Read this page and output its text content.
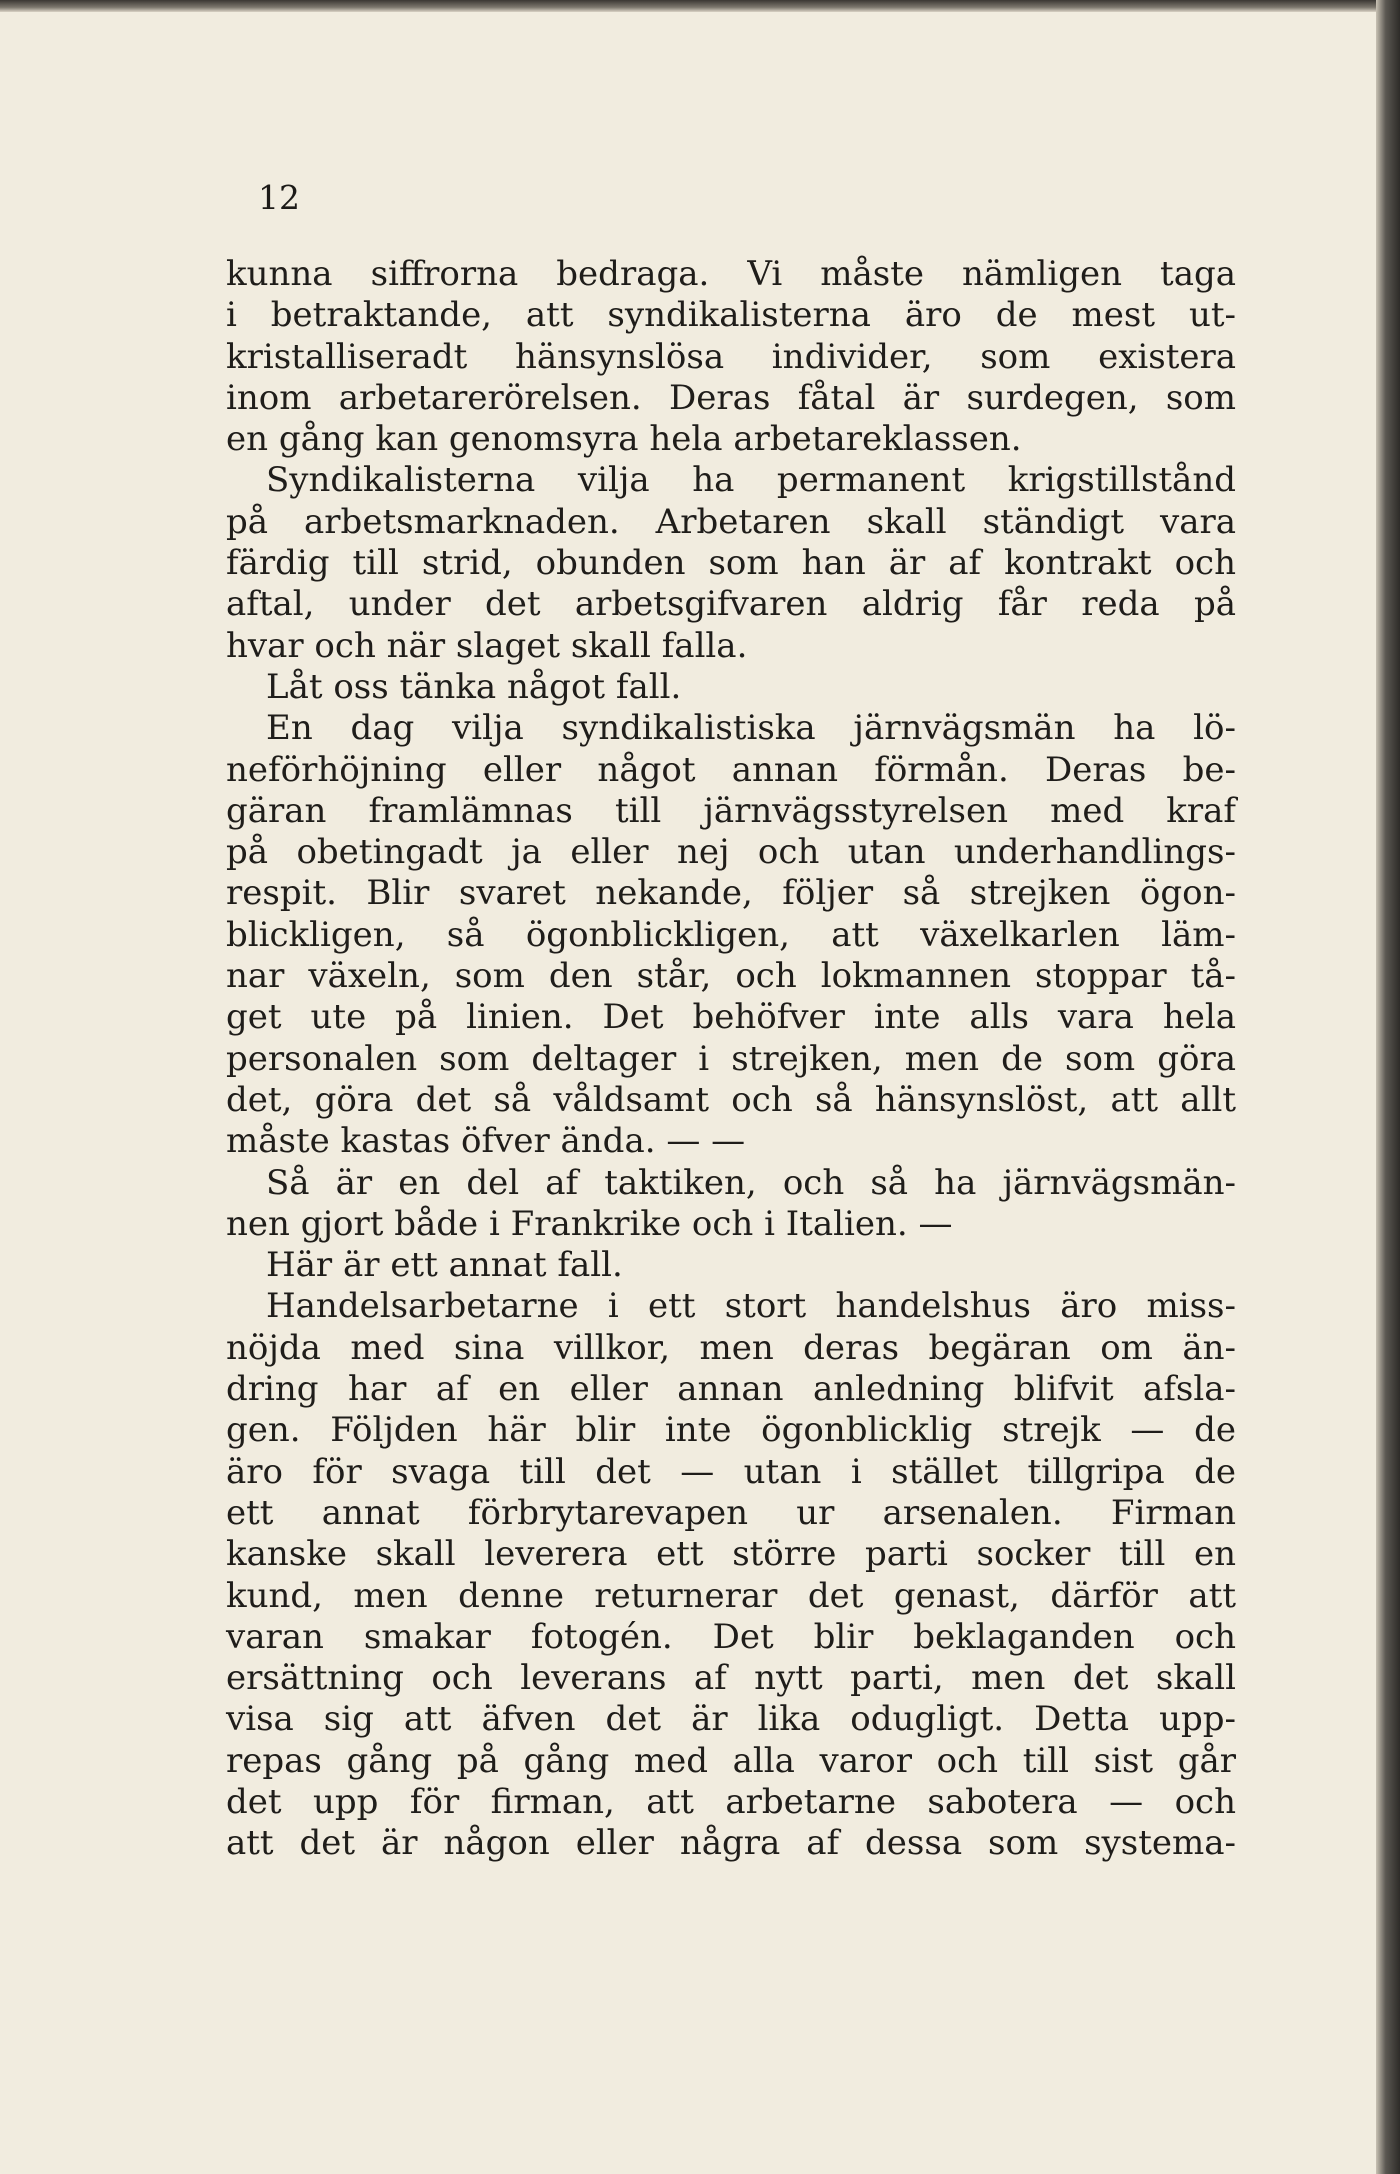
12
kunna siffrorna bedraga. Vi måste nämligen taga
i betraktande, att syndikalisterna äro de mest ut-
kristalliseradt hänsynslösa individer, som existera
inom arbetarerörelsen. Deras fåtal är surdegen, som
en gång kan genomsyra hela arbetareklassen.
Syndikalisterna vilja ha permanent krigstillstånd
på arbetsmarknaden. Arbetaren skall ständigt vara
färdig till strid, obunden som han är af kontrakt och
aftal, under det arbetsgifvaren aldrig får reda på
hvar och när slaget skall falla.
Låt oss tänka något fall.
En dag vilja syndikalistiska järnvägsmän ha lö-
neförhöjning eller något annan förmån. Deras be-
gäran framlämnas till järnvägsstyrelsen med kraf
på obetingadt ja eller nej och utan underhandlings-
respit. Blir svaret nekande, följer så strejken ögon-
blickligen, så ögonblickligen, att växelkarlen läm-
nar växeln, som den står, och lokmannen stoppar tå-
get ute på linien. Det behöfver inte alls vara hela
personalen som deltager i strejken, men de som göra
det, göra det så våldsamt och så hänsynslöst, att allt
måste kastas öfver ända. — —
Så är en del af taktiken, och så ha järnvägsmän-
nen gjort både i Frankrike och i Italien. —
Här är ett annat fall.
Handelsarbetarne i ett stort handelshus äro miss-
nöjda med sina villkor, men deras begäran om än-
dring har af en eller annan anledning blifvit afsla-
gen. Följden här blir inte ögonblicklig strejk — de
äro för svaga till det — utan i stället tillgripa de
ett annat förbrytarevapen ur arsenalen. Firman
kanske skall leverera ett större parti socker till en
kund, men denne returnerar det genast, därför att
varan smakar fotogén. Det blir beklaganden och
ersättning och leverans af nytt parti, men det skall
visa sig att äfven det är lika odugligt. Detta upp-
repas gång på gång med alla varor och till sist går
det upp för firman, att arbetarne sabotera — och
att det är någon eller några af dessa som systema-
